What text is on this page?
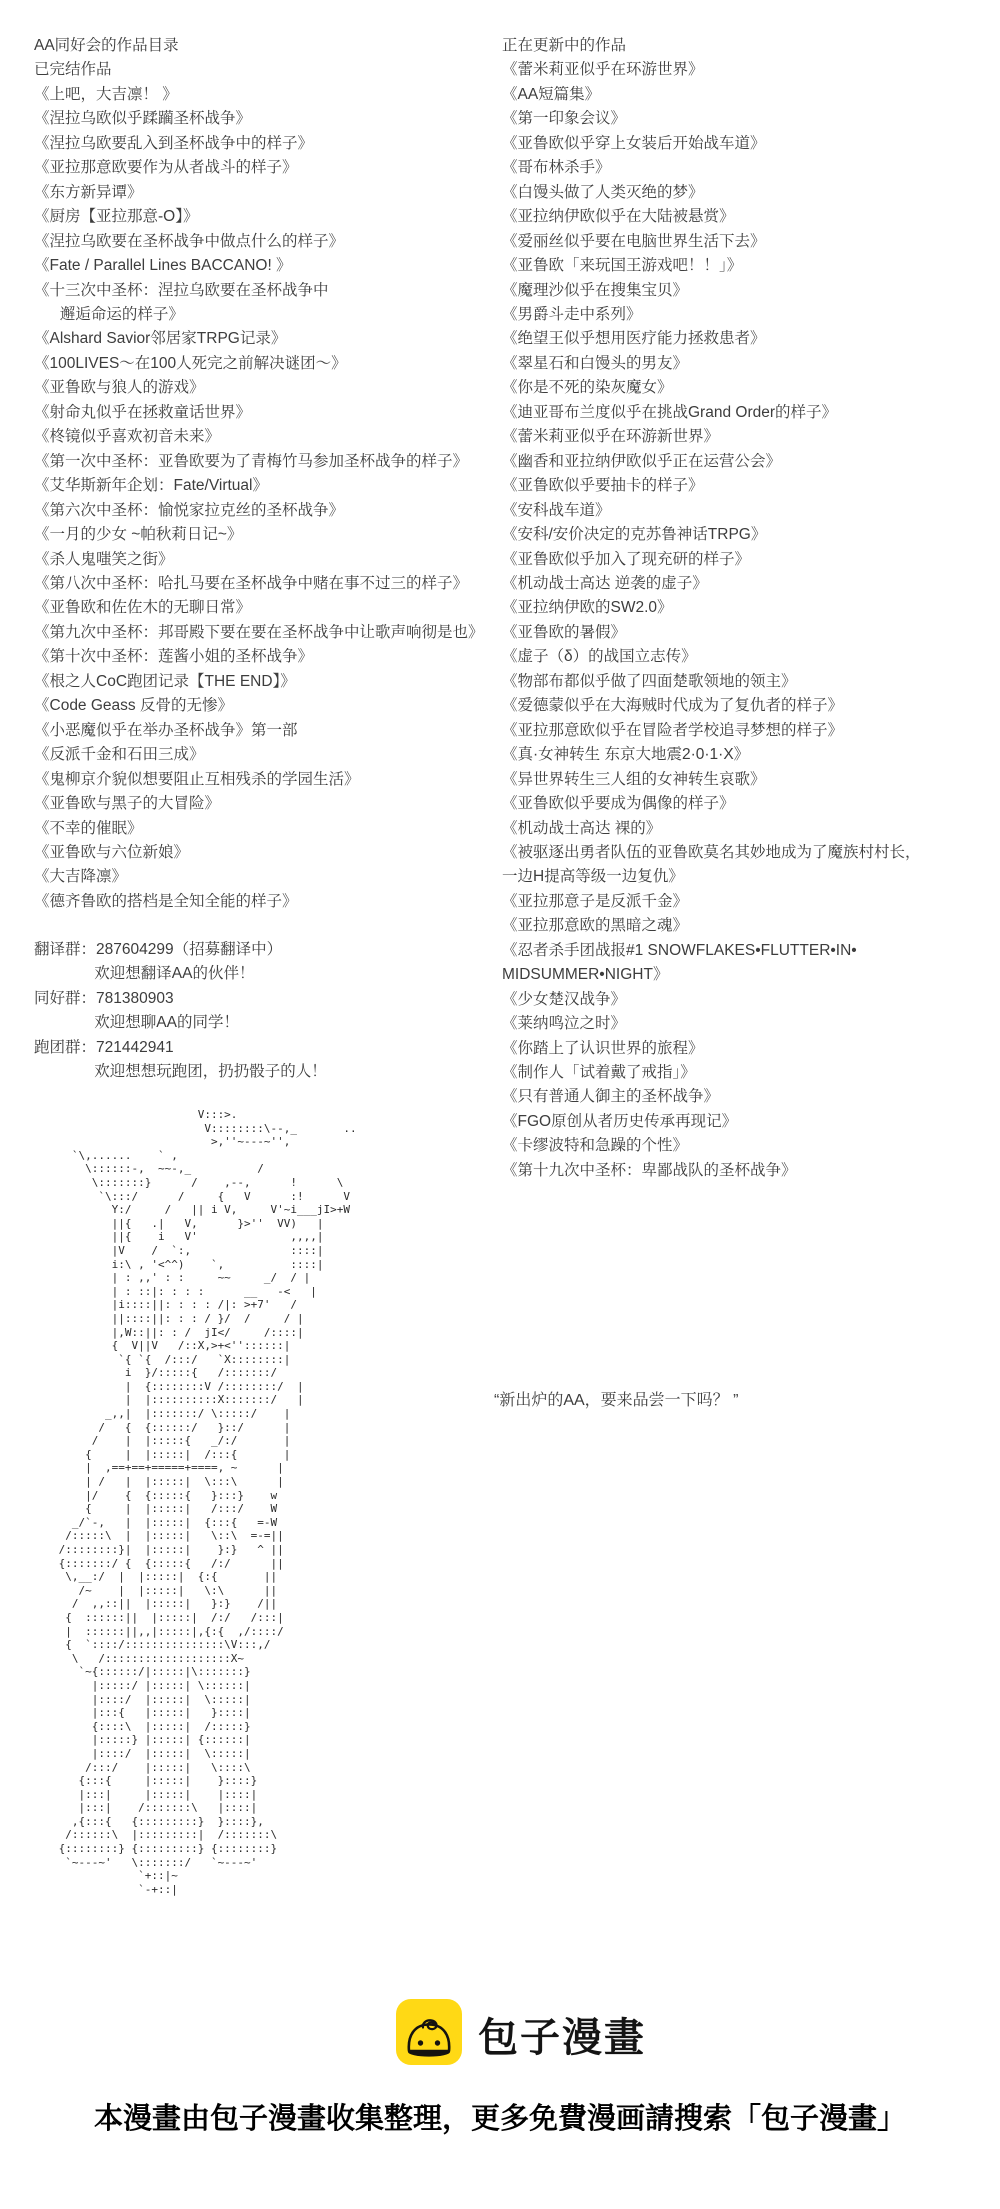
AA同好会的作品目录
已完结作品
《上吧，大吉凛！ 》
《涅拉乌欧似乎蹂躏圣杯战争》
《涅拉乌欧要乱入到圣杯战争中的样子》
《亚拉那意欧要作为从者战斗的样子》
《东方新异谭》
《厨房【亚拉那意-O】》
《涅拉乌欧要在圣杯战争中做点什么的样子》
《Fate / Parallel Lines BACCANO! 》
《十三次中圣杯：涅拉乌欧要在圣杯战争中
邂逅命运的样子》
《Alshard Savior邻居家TRPG记录》
《100LIVES～在100人死完之前解决谜团～》
《亚鲁欧与狼人的游戏》
《射命丸似乎在拯救童话世界》
《柊镜似乎喜欢初音未来》
《第一次中圣杯：亚鲁欧要为了青梅竹马参加圣杯战争的样子》
《艾华斯新年企划：Fate/Virtual》
《第六次中圣杯：愉悦家拉克丝的圣杯战争》
《一月的少女 ~帕秋莉日记~》
《杀人鬼嗤笑之街》
《第八次中圣杯：哈扎马要在圣杯战争中赌在事不过三的样子》
《亚鲁欧和佐佐木的无聊日常》
《第九次中圣杯：邦哥殿下要在要在圣杯战争中让歌声响彻是也》
《第十次中圣杯：莲酱小姐的圣杯战争》
《根之人CoC跑团记录【THE END】》
《Code Geass 反骨的无惨》
《小恶魔似乎在举办圣杯战争》第一部
《反派千金和石田三成》
《鬼柳京介貌似想要阻止互相残杀的学园生活》
《亚鲁欧与黑子的大冒险》
《不幸的催眠》
《亚鲁欧与六位新娘》
《大吉降凛》
《德齐鲁欧的搭档是全知全能的样子》
翻译群：287604299（招募翻译中）
欢迎想翻译AA的伙伴！
同好群：781380903
欢迎想聊AA的同学！
跑团群：721442941
欢迎想想玩跑团，扔扔骰子的人！
正在更新中的作品
《蕾米莉亚似乎在环游世界》
《AA短篇集》
《第一印象会议》
《亚鲁欧似乎穿上女装后开始战车道》
《哥布林杀手》
《白馒头做了人类灭绝的梦》
《亚拉纳伊欧似乎在大陆被悬赏》
《爱丽丝似乎要在电脑世界生活下去》
《亚鲁欧「来玩国王游戏吧！！」》
《魔理沙似乎在搜集宝贝》
《男爵斗走中系列》
《绝望王似乎想用医疗能力拯救患者》
《翠星石和白馒头的男友》
《你是不死的染灰魔女》
《迪亚哥布兰度似乎在挑战Grand Order的样子》
《蕾米莉亚似乎在环游新世界》
《幽香和亚拉纳伊欧似乎正在运营公会》
《亚鲁欧似乎要抽卡的样子》
《安科战车道》
《安科/安价决定的克苏鲁神话TRPG》
《亚鲁欧似乎加入了现充研的样子》
《机动战士高达 逆袭的虚子》
《亚拉纳伊欧的SW2.0》
《亚鲁欧的暑假》
《虚子（δ）的战国立志传》
《物部布都似乎做了四面楚歌领地的领主》
《爱德蒙似乎在大海贼时代成为了复仇者的样子》
《亚拉那意欧似乎在冒险者学校追寻梦想的样子》
《真·女神转生 东京大地震2·0·1·X》
《异世界转生三人组的女神转生哀歌》
《亚鲁欧似乎要成为偶像的样子》
《机动战士高达 裸的》
《被驱逐出勇者队伍的亚鲁欧莫名其妙地成为了魔族村村长，
一边H提高等级一边复仇》
《亚拉那意子是反派千金》
《亚拉那意欧的黑暗之魂》
《忍者杀手团战报#1 SNOWFLAKES•FLUTTER•IN•
MIDSUMMER•NIGHT》
《少女楚汉战争》
《莱纳鸣泣之时》
《你踏上了认识世界的旅程》
《制作人「试着戴了戒指」》
《只有普通人御主的圣杯战争》
《FGO原创从者历史传承再现记》
《卡缪波特和急躁的个性》
《第十九次中圣杯：卑鄙战队的圣杯战争》
V:::>.
V::::::::\--,_       ..
>,''~---~'',
`\,......    ` ,
\::::::-,  ~~-,_          /
\:::::::}      /    ,--,      !      \
`\:::/      /     {   V      :!      V
Y:/     /   || i V,     V'~i___jI>+W
||{   .|   V,      }>''  VV)   |
||{    i   V'              ,,,,|
|V    /  `:,               ::::|
i:\ , '<^^)    `,          ::::|
| : ,,' : :     ~~     _/  / |
| : ::|: : : :      __   -<   |
|i::::||: : : : /|: >+7'   /
||::::||: : : / }/  /     / |
|,W::||: : /  jI</     /::::|
{  V||V   /::X,>+<''::::::|
`{ `{  /:::/   `X::::::::|
i  }/:::::{   /:::::::/
|  {::::::::V /::::::::/  |
|  |::::::::::X:::::::/   |
_,,|  |:::::::/ \:::::/    |
/   {  {::::::/   }::/      |
/    |  |:::::{   _/:/       |
{     |  |:::::|  /:::{       |
|  ,==+==+=====+====, ~      |
| /   |  |:::::|  \:::\      |
|/    {  {:::::{   }:::}    w
{     |  |:::::|   /:::/    W
_/`-,   |  |:::::|  {:::{   =-W
/:::::\  |  |:::::|   \::\  =-=||
/::::::::}|  |:::::|    }:}   ^ ||
{:::::::/ {  {:::::{   /:/      ||
\,__:/  |  |:::::|  {:{       ||
/~    |  |:::::|   \:\      ||
/  ,,::||  |:::::|   }:}    /||
{  ::::::||  |:::::|  /:/   /:::|
|  ::::::||,,|:::::|,{:{  ,/::::/
{  `::::/:::::::::::::::\V:::,/
\   /:::::::::::::::::::X~
`~{::::::/|:::::|\:::::::}
|:::::/ |:::::| \::::::|
|::::/  |:::::|  \:::::|
|:::{   |:::::|   }::::|
{::::\  |:::::|  /:::::}
|:::::} |:::::| {::::::|
|::::/  |:::::|  \:::::|
/:::/    |:::::|   \::::\
{:::{     |:::::|    }::::}
|:::|     |:::::|    |::::|
|:::|    /:::::::\   |::::|
,{:::{   {:::::::::}  }::::},
/::::::\  |:::::::::|  /:::::::\
{::::::::} {:::::::::} {::::::::}
`~---~'   \:::::::/   `~---~'
`+::|~
`-+::|
“新出炉的AA，要来品尝一下吗？ ”
包子漫畫
本漫畫由包子漫畫收集整理，更多免費漫画請搜索「包子漫畫」
